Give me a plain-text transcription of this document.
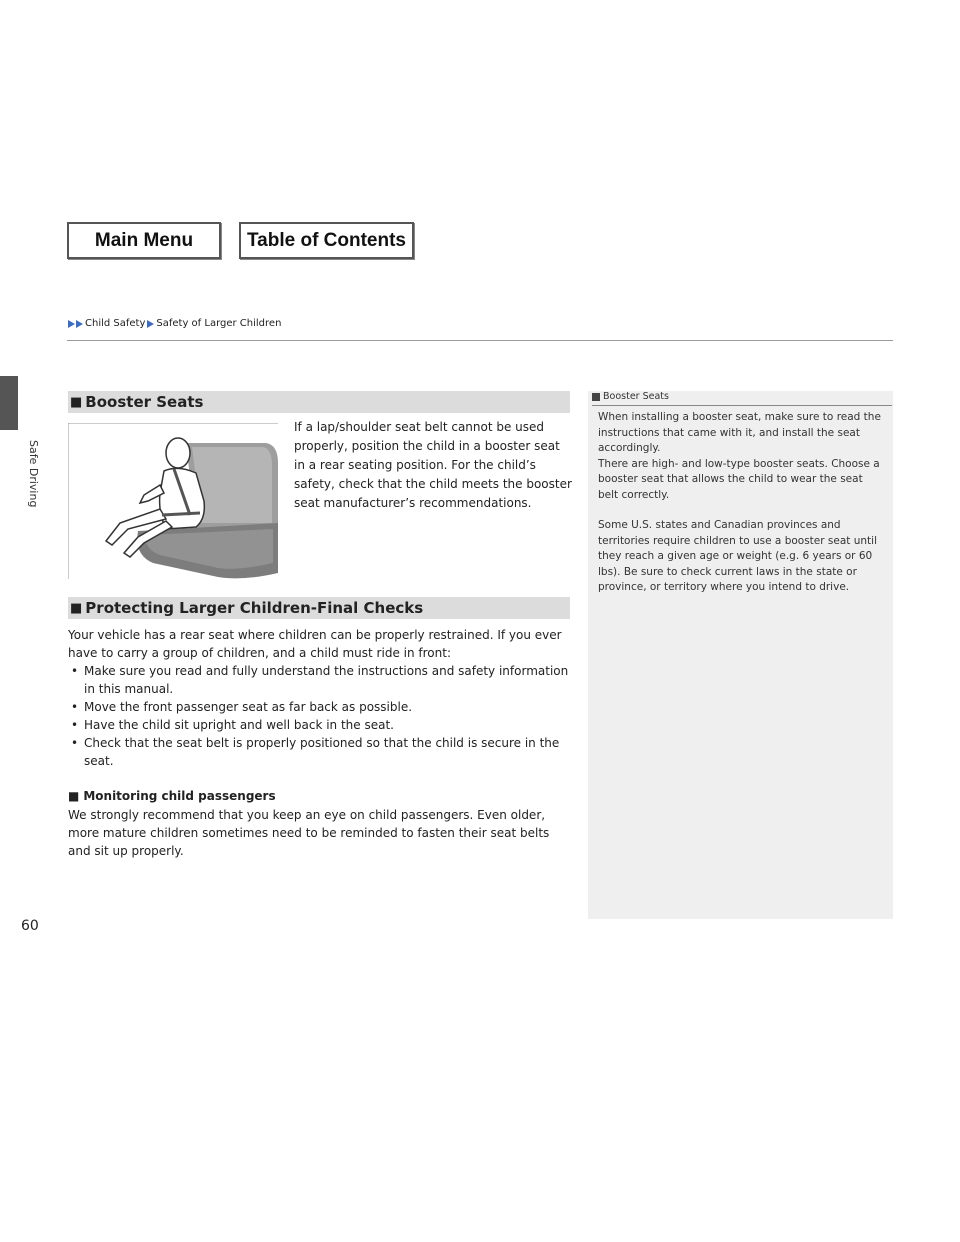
Main Menu	Table of Contents
Safe Driving
Child Safety Safety of Larger Children
■ Booster Seats
If a lap/shoulder seat belt cannot be used properly, position the child in a booster seat in a rear seating position. For the child’s safety, check that the child meets the booster seat manufacturer’s recommendations.
■ Protecting Larger Children-Final Checks
Your vehicle has a rear seat where children can be properly restrained. If you ever have to carry a group of children, and a child must ride in front:
• Make sure you read and fully understand the instructions and safety information in this manual.
• Move the front passenger seat as far back as possible.
• Have the child sit upright and well back in the seat.
• Check that the seat belt is properly positioned so that the child is secure in the seat.
■ Monitoring child passengers
We strongly recommend that you keep an eye on child passengers. Even older, more mature children sometimes need to be reminded to fasten their seat belts and sit up properly.
Booster Seats

When installing a booster seat, make sure to read the instructions that came with it, and install the seat accordingly.

There are high- and low-type booster seats. Choose a booster seat that allows the child to wear the seat belt correctly.

Some U.S. states and Canadian provinces and territories require children to use a booster seat until they reach a given age or weight (e.g. 6 years or 60 lbs). Be sure to check current laws in the state or province, or territory where you intend to drive.

60
